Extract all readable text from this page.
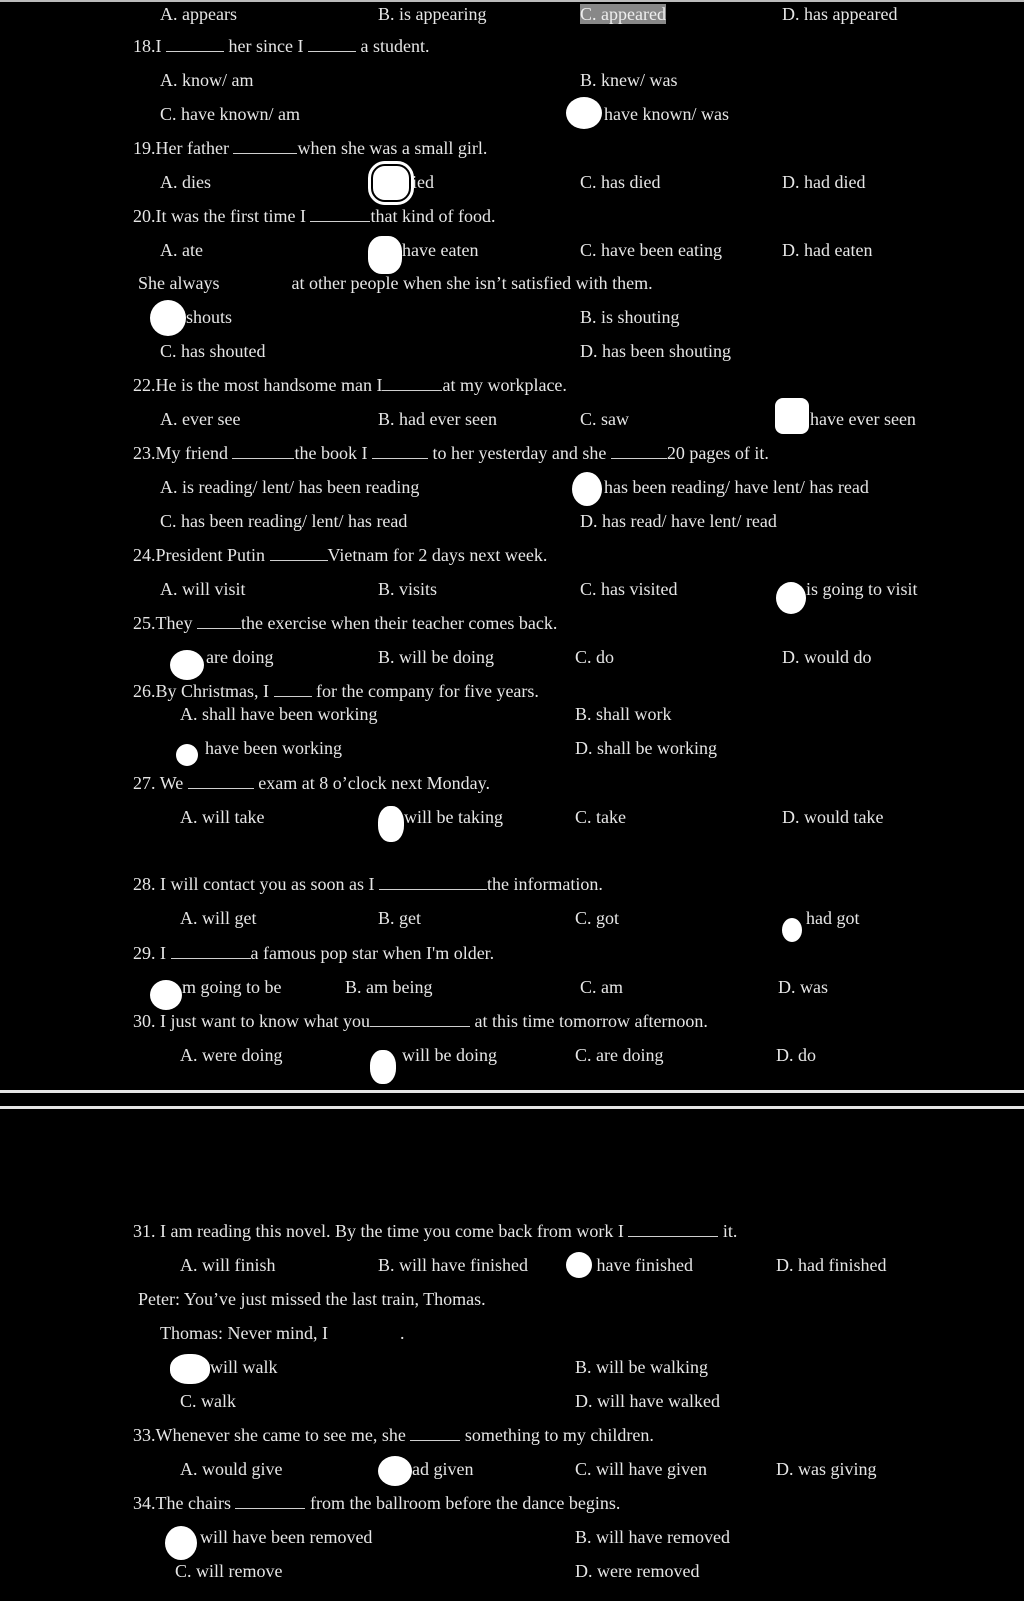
A. appears	B. is appearing	C. appeared	D. has appeared
18.I	her since I	a student.
A. know/ am	B. knew/ was
C. have known/ am	have known/ was
19.Her father	when she was a small girl.
A. dies	ied	C. has died	D. had died
20.It was the first time I	that kind of food.
A. ate	have eaten	C. have been eating	D. had eaten
She always	at other people when she isn’t satisfied with them.
shouts	B. is shouting
C. has shouted	D. has been shouting
22.He is the most handsome man I	at my workplace.
A. ever see	B. had ever seen	C. saw	have ever seen
23.My friend	the book I	to her yesterday and she	20 pages of it.
A. is reading/ lent/ has been reading	has been reading/ have lent/ has read
C. has been reading/ lent/ has read	D. has read/ have lent/ read
24.President Putin	Vietnam for 2 days next week.
A. will visit	B. visits	C. has visited	is going to visit
25.They the exercise when their teacher comes back.
are doing	B. will be doing	C. do	D. would do
26.By Christmas, I  for the company for five years.
A. shall have been working	B. shall work
have been working	D. shall be working
27. We	exam at 8 o’clock next Monday.
A. will take	will be taking	C. take	D. would take
28. I will contact you as soon as I	the information.
A. will get	B. get	C. got	had got
29. I	a famous pop star when I'm older.
m going to be	B. am being	C. am	D. was
30. I just want to know what you	at this time tomorrow afternoon.
A. were doing	will be doing	C. are doing	D. do
31. I am reading this novel. By the time you come back from work I	it.
A. will finish	B. will have finished	have finished	D. had finished
Peter: You’ve just missed the last train, Thomas.
Thomas: Never mind, I	.
will walk	B. will be walking
C. walk	D. will have walked
33.Whenever she came to see me, she	something to my children.
A. would give	ad given	C. will have given	D. was giving
34.The chairs	from the ballroom before the dance begins.
will have been removed	B. will have removed
C. will remove	D. were removed
